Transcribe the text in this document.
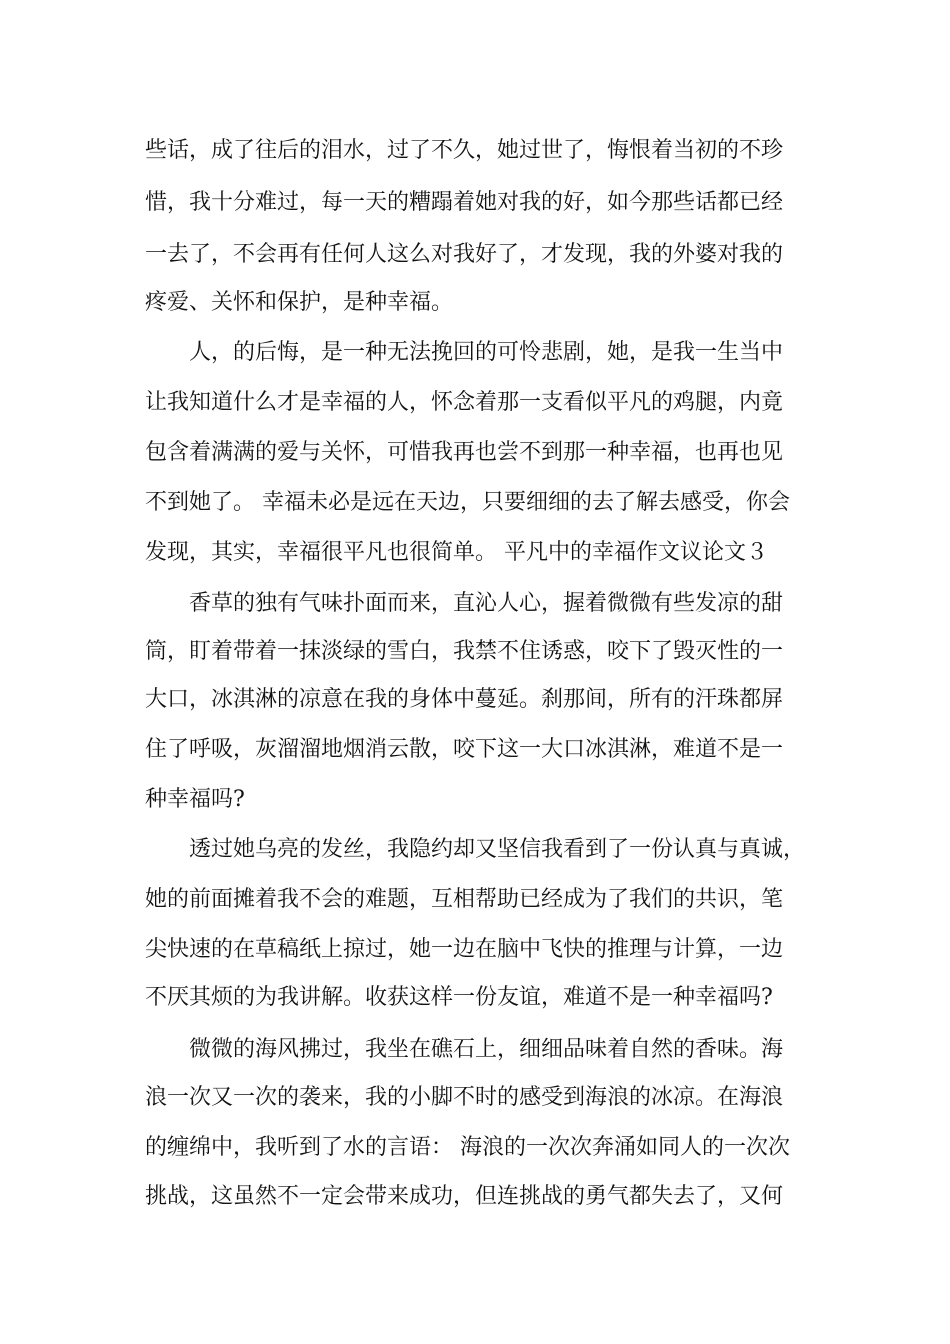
些话，成了往后的泪水，过了不久，她过世了，悔恨着当初的不珍
惜，我十分难过，每一天的糟蹋着她对我的好，如今那些话都已经
一去了，不会再有任何人这么对我好了，才发现，我的外婆对我的
疼爱、关怀和保护，是种幸福。
人，的后悔，是一种无法挽回的可怜悲剧，她，是我一生当中
让我知道什么才是幸福的人，怀念着那一支看似平凡的鸡腿，内竟
包含着满满的爱与关怀，可惜我再也尝不到那一种幸福，也再也见
不到她了。 幸福未必是远在天边，只要细细的去了解去感受，你会
发现，其实，幸福很平凡也很简单。 平凡中的幸福作文议论文３
香草的独有气味扑面而来，直沁人心，握着微微有些发凉的甜
筒，盯着带着一抹淡绿的雪白，我禁不住诱惑，咬下了毁灭性的一
大口，冰淇淋的凉意在我的身体中蔓延。刹那间，所有的汗珠都屏
住了呼吸，灰溜溜地烟消云散，咬下这一大口冰淇淋，难道不是一
种幸福吗?
透过她乌亮的发丝，我隐约却又坚信我看到了一份认真与真诚，
她的前面摊着我不会的难题，互相帮助已经成为了我们的共识，笔
尖快速的在草稿纸上掠过，她一边在脑中飞快的推理与计算，一边
不厌其烦的为我讲解。收获这样一份友谊，难道不是一种幸福吗?
微微的海风拂过，我坐在礁石上，细细品味着自然的香味。海
浪一次又一次的袭来，我的小脚不时的感受到海浪的冰凉。在海浪
的缠绵中，我听到了水的言语： 海浪的一次次奔涌如同人的一次次
挑战，这虽然不一定会带来成功，但连挑战的勇气都失去了，又何
